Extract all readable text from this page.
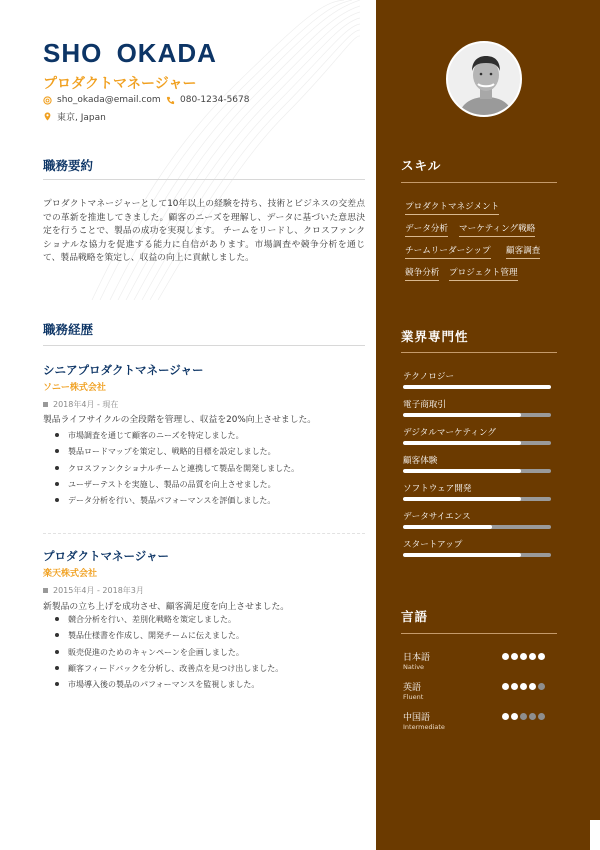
SHO OKADA
プロダクトマネージャー
sho_okada@email.com 080-1234-5678
東京, Japan
職務要約
プロダクトマネージャーとして10年以上の経験を持ち、技術とビジネスの交差点での革新を推進してきました。顧客のニーズを理解し、データに基づいた意思決定を行うことで、製品の成功を実現します。 チームをリードし、クロスファンクショナルな協力を促進する能力に自信があります。市場調査や競争分析を通じて、製品戦略を策定し、収益の向上に貢献しました。
職務経歴
シニアプロダクトマネージャー
ソニー株式会社
2018年4月 - 現在
製品ライフサイクルの全段階を管理し、収益を20%向上させました。
市場調査を通じて顧客のニーズを特定しました。
製品ロードマップを策定し、戦略的目標を設定しました。
クロスファンクショナルチームと連携して製品を開発しました。
ユーザーテストを実施し、製品の品質を向上させました。
データ分析を行い、製品パフォーマンスを評価しました。
プロダクトマネージャー
楽天株式会社
2015年4月 - 2018年3月
新製品の立ち上げを成功させ、顧客満足度を向上させました。
競合分析を行い、差別化戦略を策定しました。
製品仕様書を作成し、開発チームに伝えました。
販売促進のためのキャンペーンを企画しました。
顧客フィードバックを分析し、改善点を見つけ出しました。
市場導入後の製品のパフォーマンスを監視しました。
スキル
プロダクトマネジメント
データ分析 マーケティング戦略
チームリーダーシップ 顧客調査
競争分析 プロジェクト管理
業界専門性
テクノロジー
電子商取引
デジタルマーケティング
顧客体験
ソフトウェア開発
データサイエンス
スタートアップ
言語
日本語
Native
英語
Fluent
中国語
Intermediate
